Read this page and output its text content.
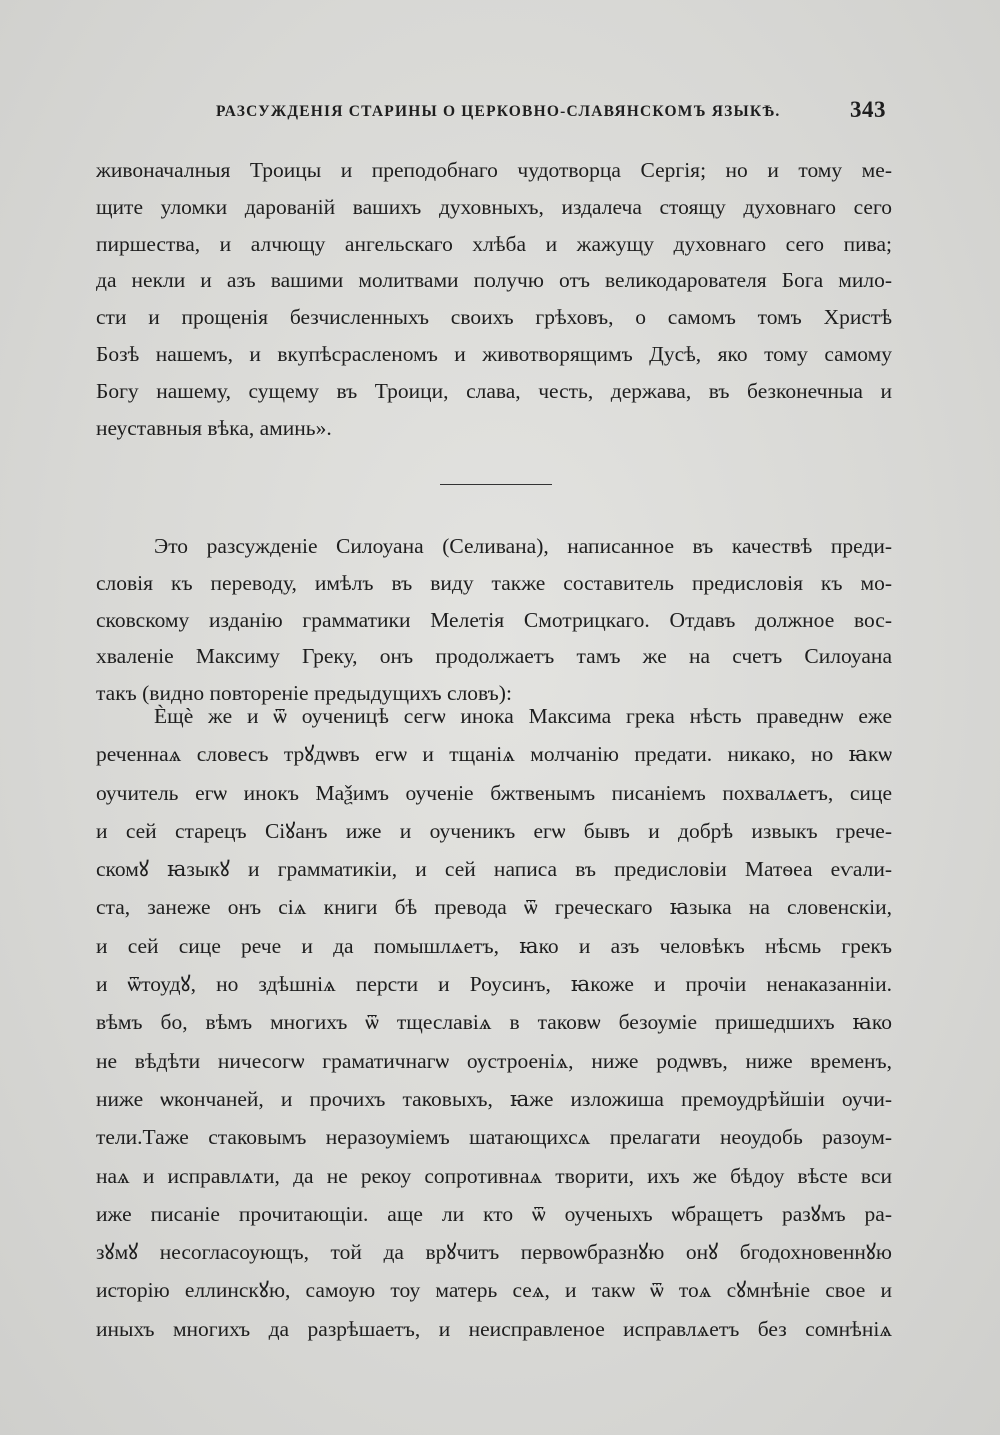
РАЗСУЖДЕНІЯ СТАРИНЫ О ЦЕРКОВНО-СЛАВЯНСКОМЪ ЯЗЫКѢ.	343
живоначалныя Троицы и преподобнаго чудотворца Сергія; но и тому ме-
щите уломки дарованій вашихъ духовныхъ, издалеча стоящу духовнаго сего
пиршества, и алчющу ангельскаго хлѣба и жажущу духовнаго сего пива;
да некли и азъ вашими молитвами получю отъ великодарователя Бога мило-
сти и прощенія безчисленныхъ своихъ грѣховъ, о самомъ томъ Христѣ
Бозѣ нашемъ, и вкупѣсрасленомъ и животворящимъ Дусѣ, яко тому самому
Богу нашему, сущему въ Троици, слава, честь, держава, въ безконечныа и
неуставныя вѣка, аминь».
Это разсужденіе Силоуана (Селивана), написанное въ качествѣ преди-
словія къ переводу, имѣлъ въ виду также составитель предисловія къ мо-
сковскому изданію грамматики Мелетія Смотрицкаго. Отдавъ должное вос-
хваленіе Максиму Греку, онъ продолжаетъ тамъ же на счетъ Силоуана
такъ (видно повтореніе предыдущихъ словъ):
Ѐщѐ же и ѿ оученицѣ сегѡ инока Максима грека нѣсть праведнѡ еже
реченнаѧ словесъ трꙋдѡвъ егѡ и тщаніѧ молчанію предати. никако, но ꙗкѡ
оучитель егѡ инокъ Маѯимъ оученіе бжтвенымъ писаніемъ похвалѧетъ, сице
и сей старецъ Сіꙋанъ иже и оученикъ егѡ бывъ и добрѣ извыкъ грече-
скомꙋ ꙗзыкꙋ и грамматикіи, и сей написа въ предисловіи Матѳеа еѵали-
ста, занеже онъ сіѧ книги бѣ превода ѿ греческаго ꙗзыка на словенскіи,
и сей сице рече и да помышлѧетъ, ꙗко и азъ человѣкъ нѣсмь грекъ
и ѿтоудꙋ, но здѣшніѧ персти и Роусинъ, ꙗкоже и прочіи ненаказанніи.
вѣмъ бо, вѣмъ многихъ ѿ тщеславіѧ в таковѡ безоуміе пришедшихъ ꙗко
не вѣдѣти ничесогѡ граматичнагѡ оустроеніѧ, ниже родѡвъ, ниже временъ,
ниже ѡкончаней, и прочихъ таковыхъ, ꙗже изложиша премоудрѣйшіи оучи-
тели.Таже стаковымъ неразоуміемъ шатающихсѧ прелагати неоудобь разоум-
наѧ и исправлѧти, да не рекоу сопротивнаѧ творити, ихъ же бѣдоу вѣсте вси
иже писаніе прочитающіи. аще ли кто ѿ оученыхъ ѡбращетъ разꙋмъ ра-
зꙋмꙋ несогласоующъ, той да врꙋчитъ первоѡбразнꙋю онꙋ бгодохновеннꙋю
исторію еллинскꙋю, самоую тоу матерь сеѧ, и такѡ ѿ тоѧ сꙋмнѣніе свое и
иныхъ многихъ да разрѣшаетъ, и неисправленое исправлѧетъ без сомнѣніѧ
